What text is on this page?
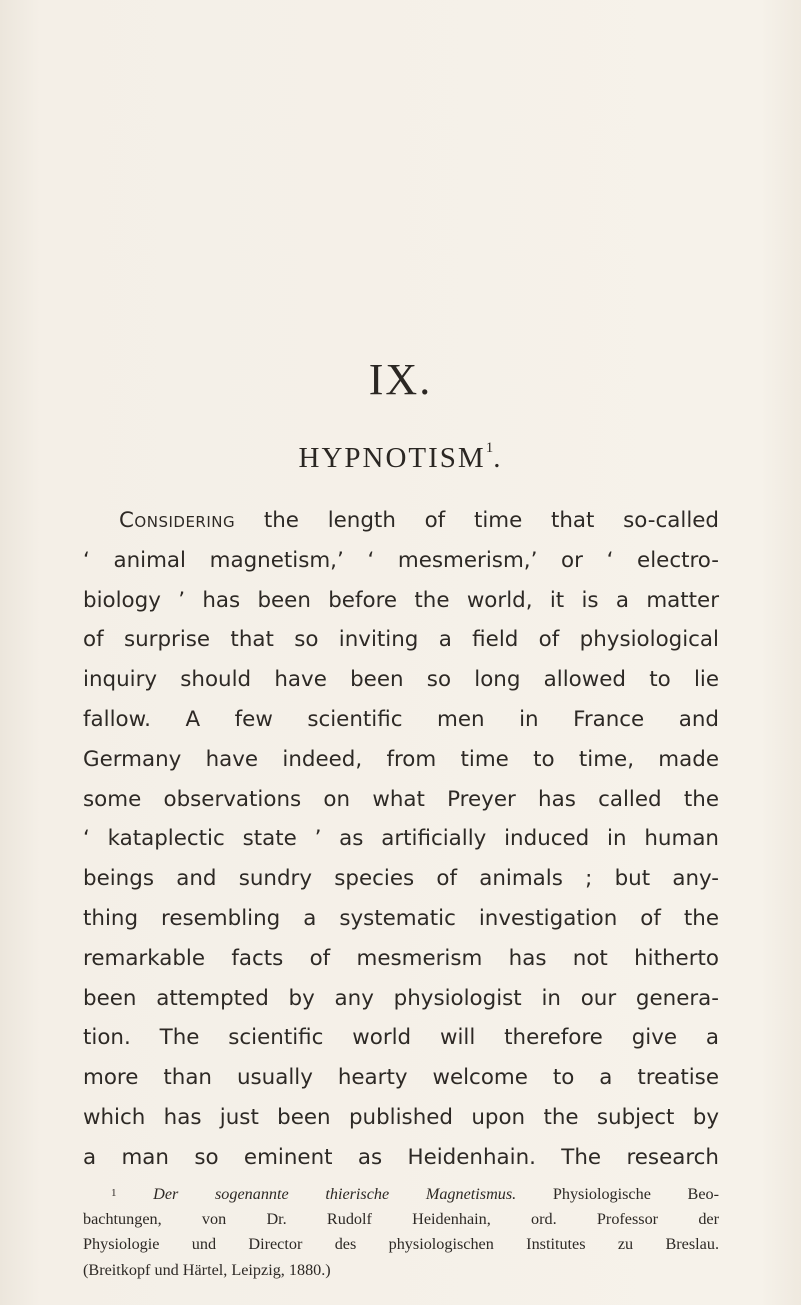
IX.
HYPNOTISM$^1$.
Considering the length of time that so-called
‘ animal magnetism,’ ‘ mesmerism,’ or ‘ electro-
biology ’ has been before the world, it is a matter
of surprise that so inviting a field of physiological
inquiry should have been so long allowed to lie
fallow. A few scientific men in France and
Germany have indeed, from time to time, made
some observations on what Preyer has called the
‘ kataplectic state ’ as artificially induced in human
beings and sundry species of animals ; but any-
thing resembling a systematic investigation of the
remarkable facts of mesmerism has not hitherto
been attempted by any physiologist in our genera-
tion. The scientific world will therefore give a
more than usually hearty welcome to a treatise
which has just been published upon the subject by
a man so eminent as Heidenhain. The research
$^1$ Der sogenannte thierische Magnetismus. Physiologische Beo-
bachtungen, von Dr. Rudolf Heidenhain, ord. Professor der
Physiologie und Director des physiologischen Institutes zu Breslau.
(Breitkopf und Härtel, Leipzig, 1880.)
